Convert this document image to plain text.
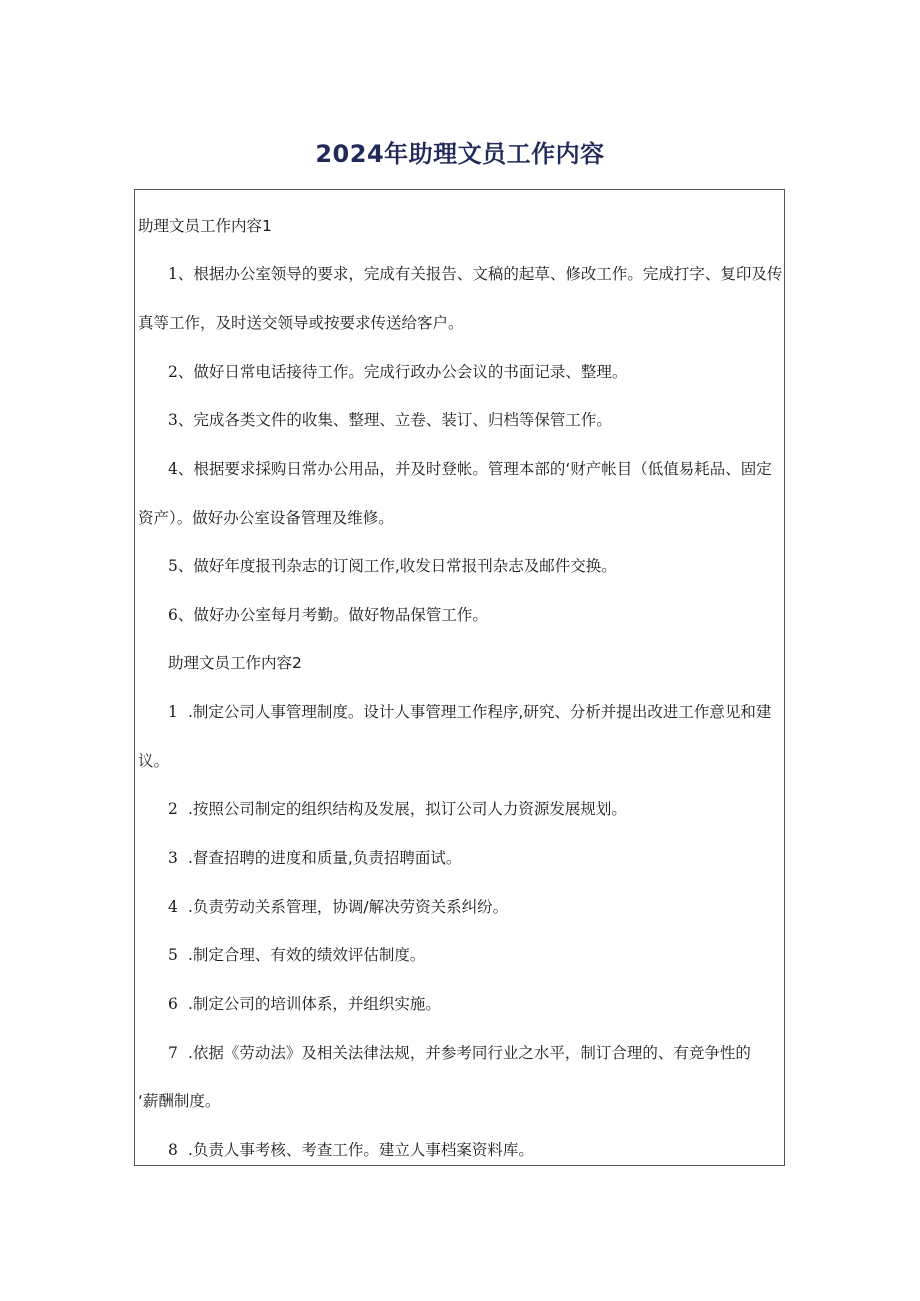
2024年助理文员工作内容
助理文员工作内容1
1、根据办公室领导的要求，完成有关报告、文稿的起草、修改工作。完成打字、复印及传
真等工作，及时送交领导或按要求传送给客户。
2、做好日常电话接待工作。完成行政办公会议的书面记录、整理。
3、完成各类文件的收集、整理、立卷、装订、归档等保管工作。
4、根据要求採购日常办公用品，并及时登帐。管理本部的‘财产帐目（低值易耗品、固定
资产）。做好办公室设备管理及维修。
5、做好年度报刊杂志的订阅工作,收发日常报刊杂志及邮件交换。
6、做好办公室每月考勤。做好物品保管工作。
助理文员工作内容2
1 .制定公司人事管理制度。设计人事管理工作程序,研究、分析并提出改进工作意见和建
议。
2 .按照公司制定的组织结构及发展，拟订公司人力资源发展规划。
3 .督查招聘的进度和质量,负责招聘面试。
4 .负责劳动关系管理，协调/解决劳资关系纠纷。
5 .制定合理、有效的绩效评估制度。
6 .制定公司的培训体系，并组织实施。
7 .依据《劳动法》及相关法律法规，并参考同行业之水平，制订合理的、有竞争性的
‘薪酬制度。
8 .负责人事考核、考查工作。建立人事档案资料库。
